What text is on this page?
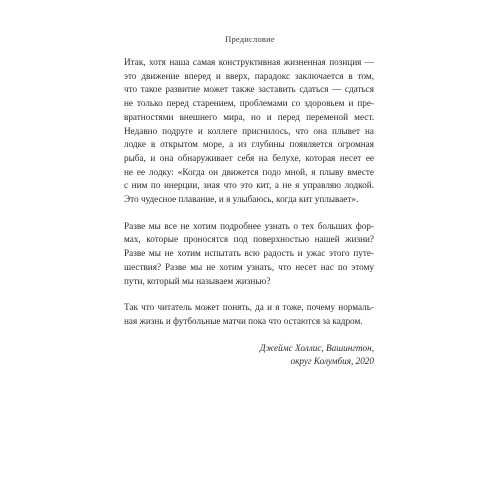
Предисловие

Итак, хотя наша самая конструктивная жизненная позиция —
это движение вперед и вверх, парадокс заключается в том,
что такое развитие может также заставить сдаться — сдаться
не только перед старением, проблемами со здоровьем и пре-
вратностями внешнего мира, но и перед переменой мест.
Недавно подруге и коллеге приснилось, что она плывет на
лодке в открытом море, а из глубины появляется огромная
рыба, и она обнаруживает себя на белухе, которая несет ее
не ее лодку: «Когда он движется подо мной, я плыву вместе
с ним по инерции, зная что это кит, а не я управляю лодкой.
Это чудесное плавание, и я улыбаюсь, когда кит уплывает».

Разве мы все не хотим подробнее узнать о тех больших фор-
мах, которые проносятся под поверхностью нашей жизни?
Разве мы не хотим испытать всю радость и ужас этого путе-
шествия? Разве мы не хотим узнать, что несет нас по этому
пути, который мы называем жизнью?

Так что читатель может понять, да и я тоже, почему нормаль-
ная жизнь и футбольные матчи пока что остаются за кадром.

Джеймс Холлис, Вашингтон,
округ Колумбия, 2020
